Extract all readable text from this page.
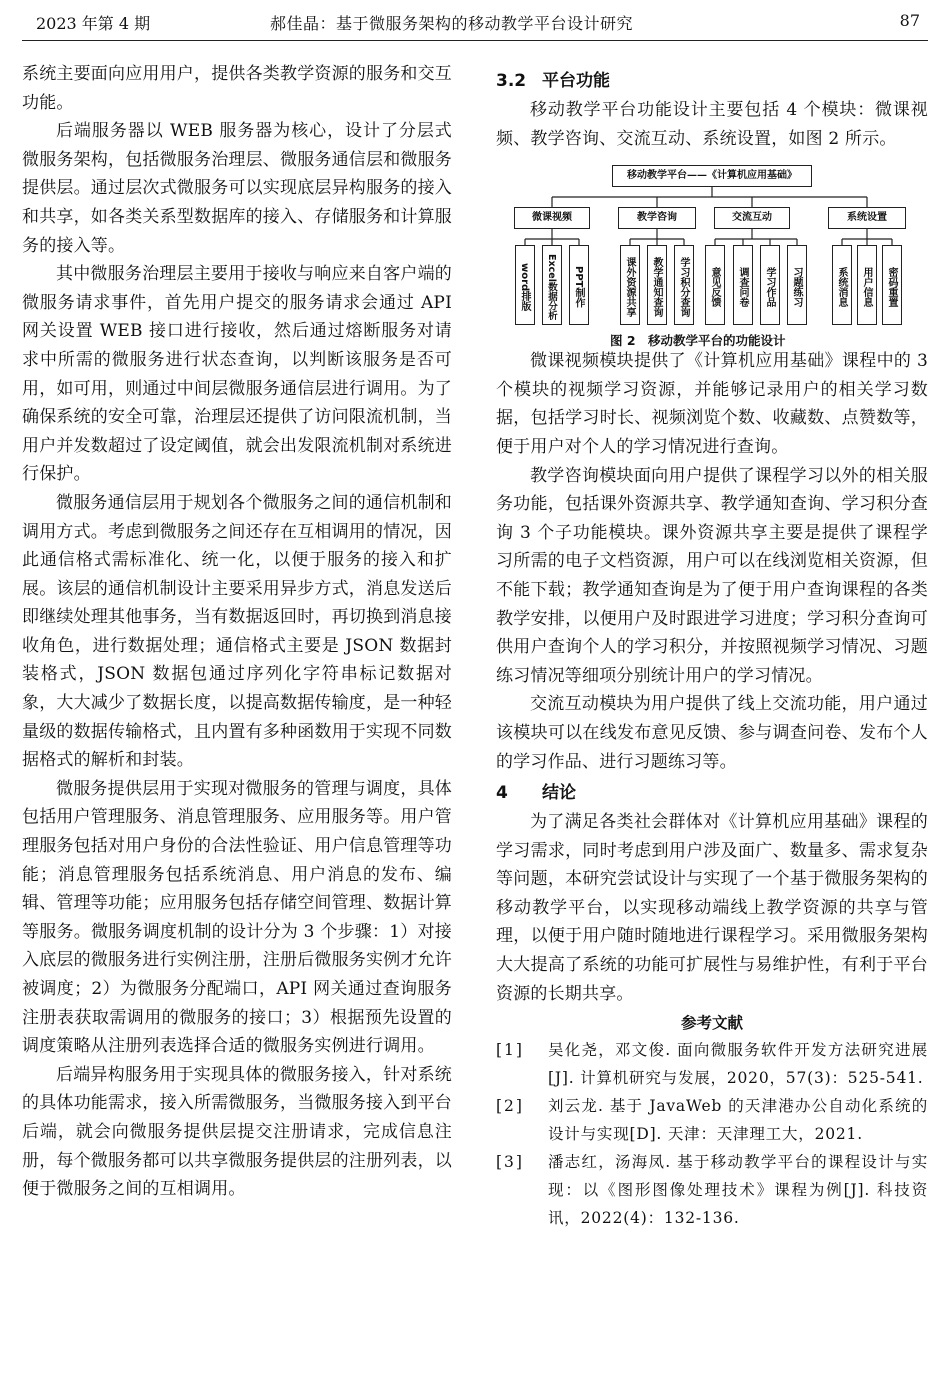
2023 年第 4 期	郝佳晶：基于微服务架构的移动教学平台设计研究	87

系统主要面向应用用户，提供各类教学资源的服务和交互功能。

后端服务器以 WEB 服务器为核心，设计了分层式微服务架构，包括微服务治理层、微服务通信层和微服务提供层。通过层次式微服务可以实现底层异构服务的接入和共享，如各类关系型数据库的接入、存储服务和计算服务的接入等。

其中微服务治理层主要用于接收与响应来自客户端的微服务请求事件，首先用户提交的服务请求会通过 API 网关设置 WEB 接口进行接收，然后通过熔断服务对请求中所需的微服务进行状态查询，以判断该服务是否可用，如可用，则通过中间层微服务通信层进行调用。为了确保系统的安全可靠，治理层还提供了访问限流机制，当用户并发数超过了设定阈值，就会出发限流机制对系统进行保护。

微服务通信层用于规划各个微服务之间的通信机制和调用方式。考虑到微服务之间还存在互相调用的情况，因此通信格式需标准化、统一化，以便于服务的接入和扩展。该层的通信机制设计主要采用异步方式，消息发送后即继续处理其他事务，当有数据返回时，再切换到消息接收角色，进行数据处理；通信格式主要是 JSON 数据封装格式，JSON 数据包通过序列化字符串标记数据对象，大大减少了数据长度，以提高数据传输度，是一种轻量级的数据传输格式，且内置有多种函数用于实现不同数据格式的解析和封装。

微服务提供层用于实现对微服务的管理与调度，具体包括用户管理服务、消息管理服务、应用服务等。用户管理服务包括对用户身份的合法性验证、用户信息管理等功能；消息管理服务包括系统消息、用户消息的发布、编辑、管理等功能；应用服务包括存储空间管理、数据计算等服务。微服务调度机制的设计分为 3 个步骤：1）对接入底层的微服务进行实例注册，注册后微服务实例才允许被调度；2）为微服务分配端口，API 网关通过查询服务注册表获取需调用的微服务的接口；3）根据预先设置的调度策略从注册列表选择合适的微服务实例进行调用。

后端异构服务用于实现具体的微服务接入，针对系统的具体功能需求，接入所需微服务，当微服务接入到平台后端，就会向微服务提供层提交注册请求，完成信息注册，每个微服务都可以共享微服务提供层的注册列表，以便于微服务之间的互相调用。

3.2 平台功能

移动教学平台功能设计主要包括 4 个模块：微课视频、教学咨询、交流互动、系统设置，如图 2 所示。

移动教学平台——《计算机应用基础》
微课视频	教学咨询	交流互动	系统设置
word排版	Excel数据分析	PPT制作	课外资源共享	教学通知查询	学习积分查询	意见反馈	调查问卷	学习作品	习题练习	系统消息	用户信息	密码重置
图 2　移动教学平台的功能设计

微课视频模块提供了《计算机应用基础》课程中的 3 个模块的视频学习资源，并能够记录用户的相关学习数据，包括学习时长、视频浏览个数、收藏数、点赞数等，便于用户对个人的学习情况进行查询。

教学咨询模块面向用户提供了课程学习以外的相关服务功能，包括课外资源共享、教学通知查询、学习积分查询 3 个子功能模块。课外资源共享主要是提供了课程学习所需的电子文档资源，用户可以在线浏览相关资源，但不能下载；教学通知查询是为了便于用户查询课程的各类教学安排，以便用户及时跟进学习进度；学习积分查询可供用户查询个人的学习积分，并按照视频学习情况、习题练习情况等细项分别统计用户的学习情况。

交流互动模块为用户提供了线上交流功能，用户通过该模块可以在线发布意见反馈、参与调查问卷、发布个人的学习作品、进行习题练习等。

4 结论

为了满足各类社会群体对《计算机应用基础》课程的学习需求，同时考虑到用户涉及面广、数量多、需求复杂等问题，本研究尝试设计与实现了一个基于微服务架构的移动教学平台，以实现移动端线上教学资源的共享与管理，以便于用户随时随地进行课程学习。采用微服务架构大大提高了系统的功能可扩展性与易维护性，有利于平台资源的长期共享。

参考文献
[1] 吴化尧，邓文俊. 面向微服务软件开发方法研究进展[J]. 计算机研究与发展，2020，57(3)：525-541.
[2] 刘云龙. 基于 JavaWeb 的天津港办公自动化系统的设计与实现[D]. 天津：天津理工大，2021.
[3] 潘志红，汤海凤. 基于移动教学平台的课程设计与实现：以《图形图像处理技术》课程为例[J]. 科技资讯，2022(4)：132-136.
